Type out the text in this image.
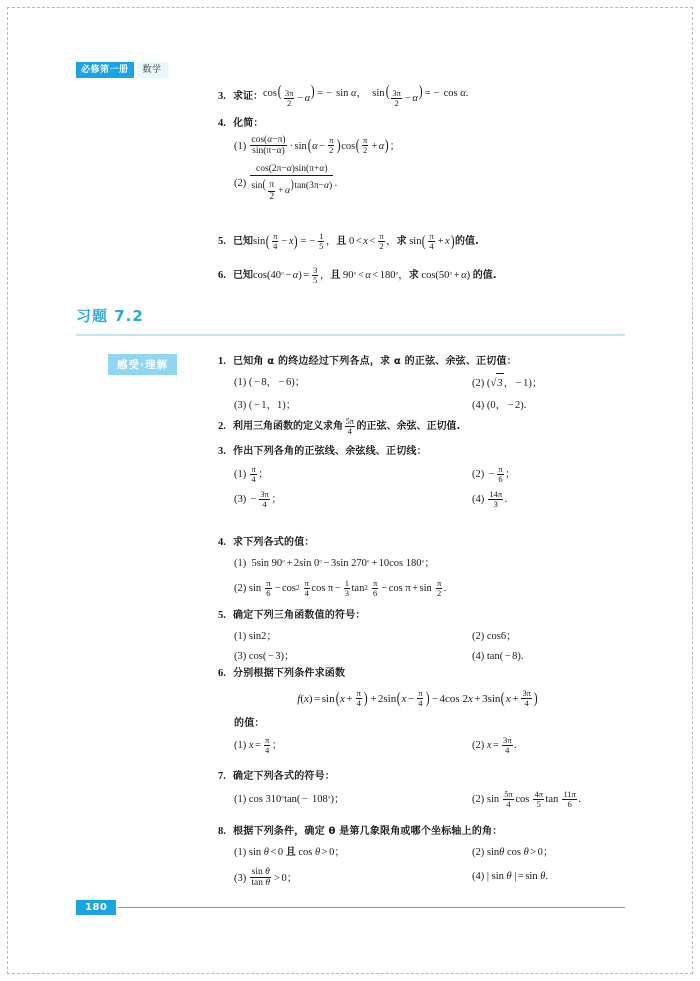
必修第一册	数学
3. 求证： $\cos( \frac{3\pi}{2} - \alpha$ ) = − sin α，  $\sin( \frac{3\pi}{2} - \alpha$ ) = − cos α.
4. 化简：
(1)
$\frac{\cos(\alpha-\pi)}{\sin(\pi-\alpha)} \cdot \sin$ ( $\alpha - \frac{\pi}{2}$ ) cos ( $\frac{\pi}{2} + \alpha$ ) ；
(2)
cos(2π−α)sin(π+α)
$\sin( \frac{\pi}{2} + \alpha$
)tan(3π−α) .
5. 已知 sin ( $\frac{\pi}{4} - x$ ) = − $\frac{1}{5}$ ， 且 $0 < x < \frac{\pi}{2}$ ， 求
sin ( $\frac{\pi}{4} + x$ ) 的值.
6. 已知 cos (40 ° − α ) = $\frac{3}{5}$ ， 且 90 ° < α < 180 ° ， 求
cos (50 ° + α ) 的值.
习题 7.2
感受·理解	1. 已知角 α 的终边经过下列各点，求 α 的正弦、余弦、正切值：
(1) ( − 8， − 6)；	(2) ( √ 3 ， − 1)；
(3) ( − 1，1)；	(4) (0， − 2).
2. 利用三角函数的定义求角 $\frac{5\pi}{4}$ 的正弦、余弦、正切值.
3. 作出下列各角的正弦线、余弦线、正切线：
(1)
$\frac{\pi}{4}$ ；	(2)
− $\frac{\pi}{6}$ ；
(3)
− $\frac{3\pi}{4}$ ；	(4)
$\frac{14\pi}{3}$ .
4. 求下列各式的值：
(1) 5 sin 90 ° + 2 sin 0 ° − 3 sin 270 ° + 10 cos 180 ° ；
(2)
sin
$\frac{\pi}{6} - \cos 2$
$\frac{\pi}{4}$ $\cos \pi - \frac{1}{3}$ tan 2
$\frac{\pi}{6} - \cos \pi + \sin$
$\frac{\pi}{2}$ .
5. 确定下列三角函数值的符号：
(1)
sin 2；	(2)
cos 6；
(3)
cos ( − 3)；	(4)
tan ( − 8).
6. 分别根据下列条件求函数
f ( x ) = sin ( $x + \frac{\pi}{4}$ ) + 2 sin ( $x - \frac{\pi}{4}$ ) − 4 cos 2 x + 3 sin ( $x + \frac{3\pi}{4}$ )
的值：
(1)
$x = \frac{\pi}{4}$ ；	(2)
$x = \frac{3\pi}{4}$ .
7. 确定下列各式的符号：
(1)
cos 310 ° tan ( − 108 ° )；	(2)
sin
$\frac{5\pi}{4}$ cos
$\frac{4\pi}{5}$ tan
$\frac{11\pi}{6}$ .
8. 根据下列条件，确定 θ 是第几象限角或哪个坐标轴上的角：
(1)
sin
θ < 0 且
cos
θ > 0；	(2)
sin θ
cos
θ > 0；
(3)
$\frac{\text{sin θ}}{\text{tan θ}} > 0$；	(4) | sin
θ | = sin
θ .
180
